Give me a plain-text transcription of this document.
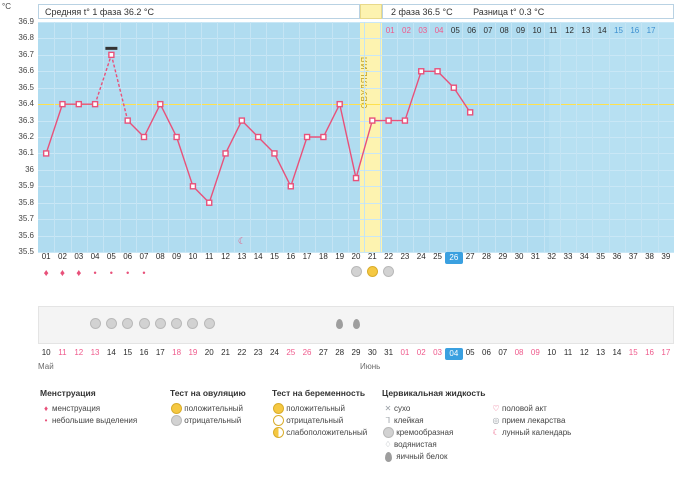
°C
Средняя t° 1 фаза 36.2 °C	2 фаза 36.5 °C Разница t° 0.3 °C
☾
01 02 03 04 05 06 07 08 09 10 11 12 13 14 15 16 17 18 19 20 21 22 23 24 25 26 27 28 29 30 31 32 33 34 35 36 37 38 39
01 02 03 04 05 06 07 08 09 10 11 12 13 14 15 16 17
♦	♦	♦	•	•	•	•
10 11 12 13 14 15 16 17 18 19 20 21 22 23 24 25 26 27 28 29 30 31 01 02 03 04 05 06 07 08 09 10 11 12 13 14 15 16 17
Май	Июнь
Менструация
♦ менструация
• небольшие выделения
Тест на овуляцию
положительный
отрицательный
Тест на беременность
положительный
отрицательный
слабоположительный
Цервикальная жидкость
✕ сухо
⅂ клейкая
кремообразная
♢ водянистая
яичный белок

♡ половой акт
◎ прием лекарства
☾ лунный календарь
36.9
36.8
36.7
36.6
36.5
36.4
36.3
36.2
36.1
36
35.9
35.8
35.7
35.6
35.5
